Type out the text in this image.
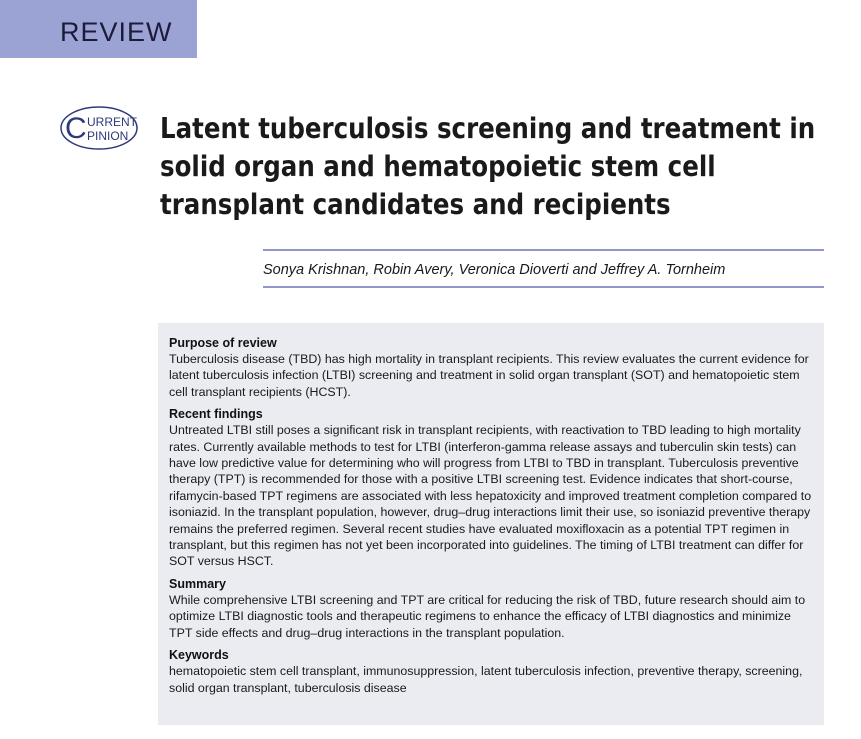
REVIEW
C URRENT
PINION Latent tuberculosis screening and treatment in solid organ and hematopoietic stem cell transplant candidates and recipients
Sonya Krishnan, Robin Avery, Veronica Dioverti and Jeffrey A. Tornheim
Purpose of review

Tuberculosis disease (TBD) has high mortality in transplant recipients. This review evaluates the current evidence for latent tuberculosis infection (LTBI) screening and treatment in solid organ transplant (SOT) and hematopoietic stem cell transplant recipients (HCST).

Recent findings

Untreated LTBI still poses a significant risk in transplant recipients, with reactivation to TBD leading to high mortality rates. Currently available methods to test for LTBI (interferon-gamma release assays and tuberculin skin tests) can have low predictive value for determining who will progress from LTBI to TBD in transplant. Tuberculosis preventive therapy (TPT) is recommended for those with a positive LTBI screening test. Evidence indicates that short-course, rifamycin-based TPT regimens are associated with less hepatoxicity and improved treatment completion compared to isoniazid. In the transplant population, however, drug–drug interactions limit their use, so isoniazid preventive therapy remains the preferred regimen. Several recent studies have evaluated moxifloxacin as a potential TPT regimen in transplant, but this regimen has not yet been incorporated into guidelines. The timing of LTBI treatment can differ for SOT versus HSCT.

Summary

While comprehensive LTBI screening and TPT are critical for reducing the risk of TBD, future research should aim to optimize LTBI diagnostic tools and therapeutic regimens to enhance the efficacy of LTBI diagnostics and minimize TPT side effects and drug–drug interactions in the transplant population.

Keywords

hematopoietic stem cell transplant, immunosuppression, latent tuberculosis infection, preventive therapy, screening, solid organ transplant, tuberculosis disease
